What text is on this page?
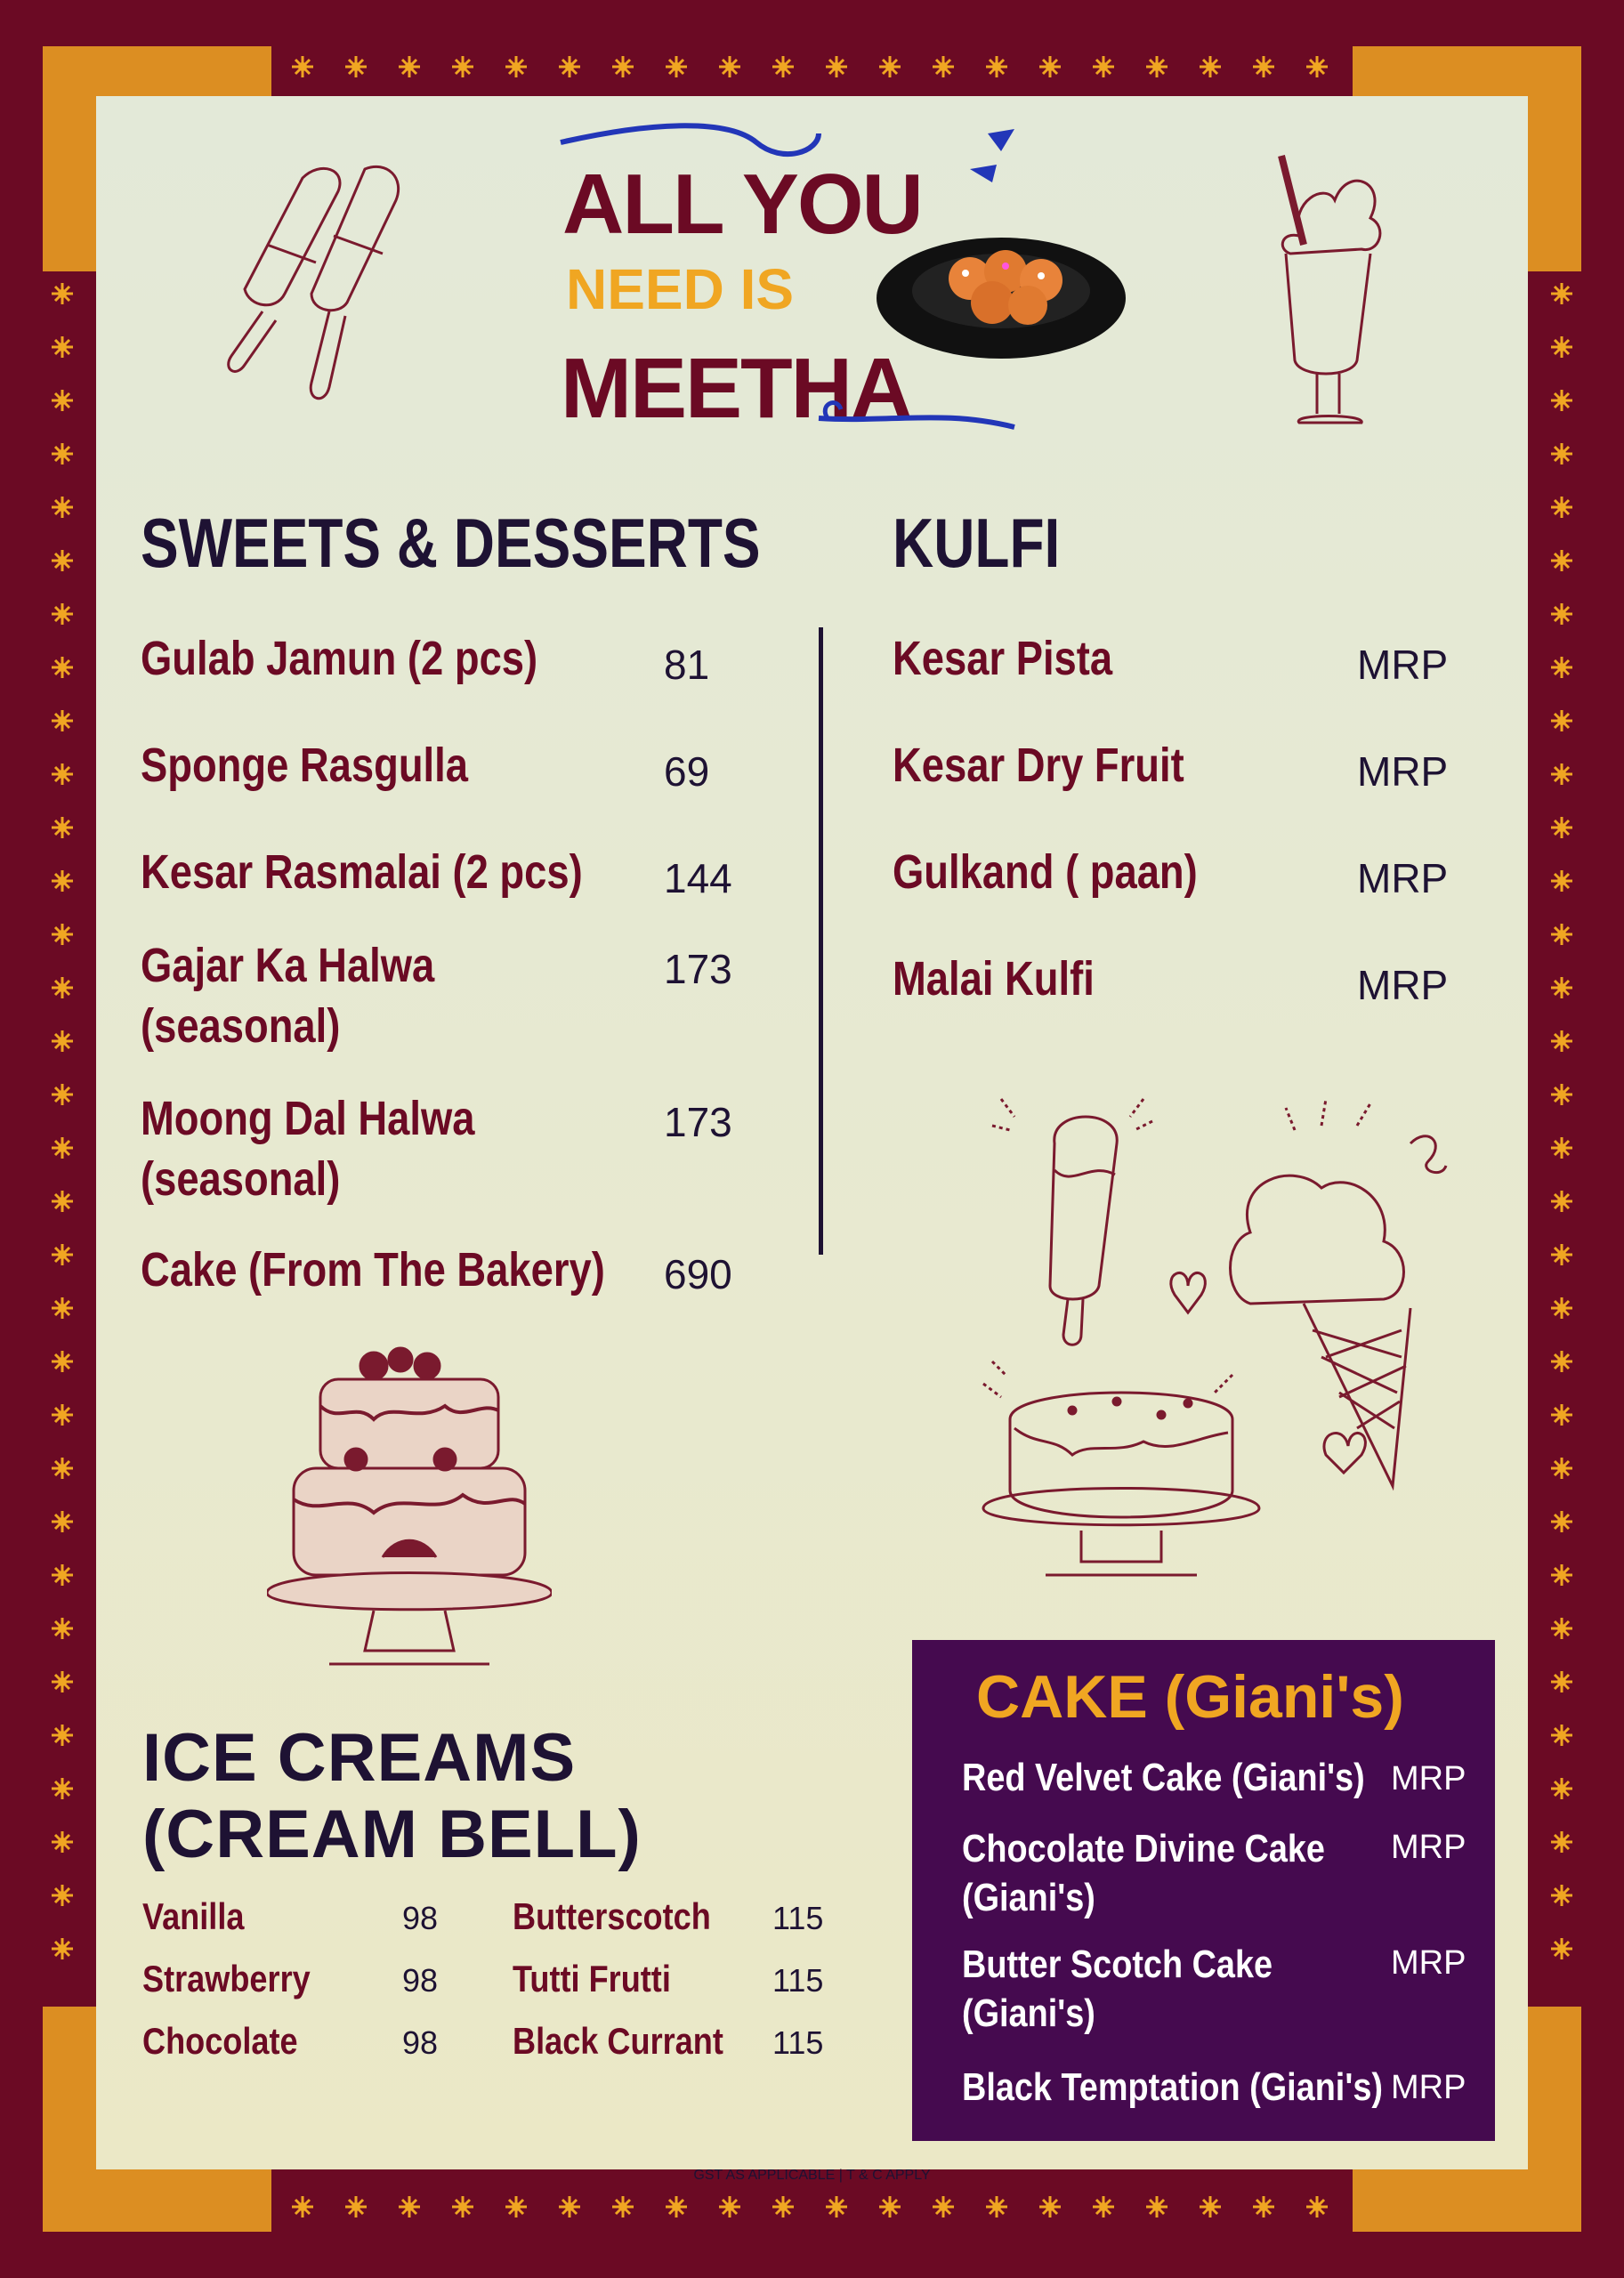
ALL YOU
NEED IS
MEETHA
SWEETS & DESSERTS
Gulab Jamun (2 pcs)	81
Sponge Rasgulla	69
Kesar Rasmalai (2 pcs) 144
Gajar Ka Halwa
(seasonal)
173
Moong Dal Halwa
(seasonal)
173
Cake (From The Bakery) 690
KULFI
Kesar Pista	MRP
Kesar Dry Fruit	MRP
Gulkand ( paan)	MRP
Malai Kulfi	MRP
ICE CREAMS
(CREAM BELL)
Vanilla	98
Strawberry	98
Chocolate	98
Butterscotch 115
Tutti Frutti	115
Black Currant 115
CAKE (Giani's)
Red Velvet Cake (Giani's) MRP
Chocolate Divine Cake
(Giani's)
MRP
Butter Scotch Cake
(Giani's)
MRP
Black Temptation (Giani's) MRP
GST AS APPLICABLE | T & C APPLY
